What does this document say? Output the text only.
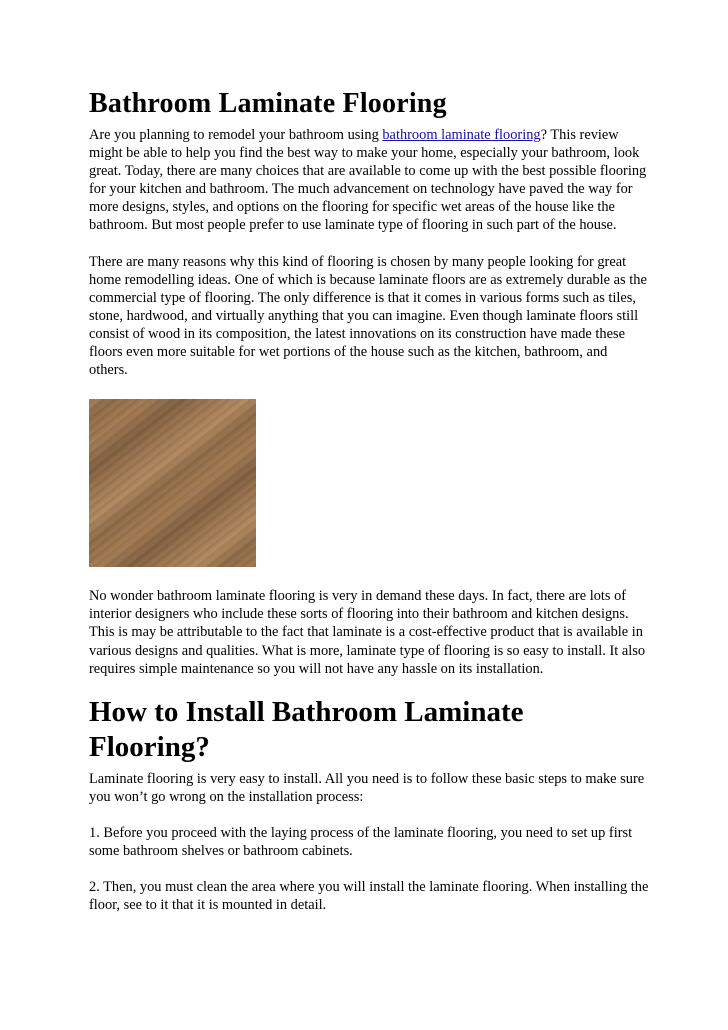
Bathroom Laminate Flooring

Are you planning to remodel your bathroom using bathroom laminate flooring? This review might be able to help you find the best way to make your home, especially your bathroom, look great. Today, there are many choices that are available to come up with the best possible flooring for your kitchen and bathroom. The much advancement on technology have paved the way for more designs, styles, and options on the flooring for specific wet areas of the house like the bathroom. But most people prefer to use laminate type of flooring in such part of the house.

There are many reasons why this kind of flooring is chosen by many people looking for great home remodelling ideas. One of which is because laminate floors are as extremely durable as the commercial type of flooring. The only difference is that it comes in various forms such as tiles, stone, hardwood, and virtually anything that you can imagine. Even though laminate floors still consist of wood in its composition, the latest innovations on its construction have made these floors even more suitable for wet portions of the house such as the kitchen, bathroom, and others.

No wonder bathroom laminate flooring is very in demand these days. In fact, there are lots of interior designers who include these sorts of flooring into their bathroom and kitchen designs. This is may be attributable to the fact that laminate is a cost-effective product that is available in various designs and qualities. What is more, laminate type of flooring is so easy to install. It also requires simple maintenance so you will not have any hassle on its installation.

How to Install Bathroom Laminate Flooring?

Laminate flooring is very easy to install. All you need is to follow these basic steps to make sure you won’t go wrong on the installation process:

1. Before you proceed with the laying process of the laminate flooring, you need to set up first some bathroom shelves or bathroom cabinets.

2. Then, you must clean the area where you will install the laminate flooring. When installing the floor, see to it that it is mounted in detail.
